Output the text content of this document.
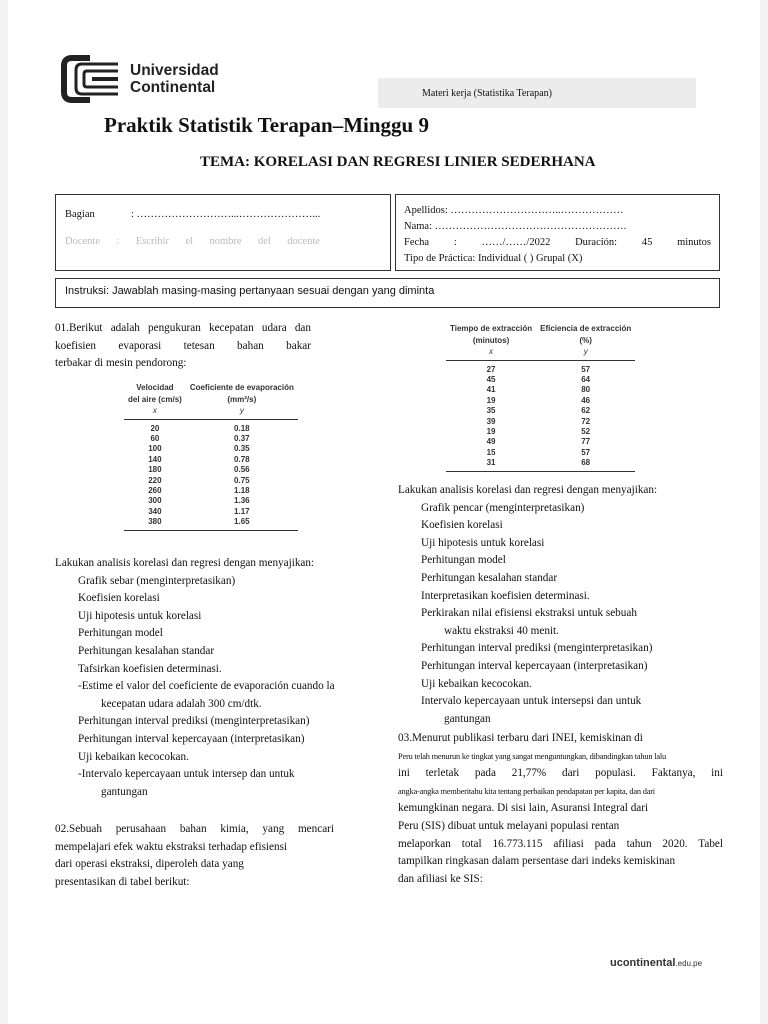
Universidad
Continental	Materi kerja (Statistika Terapan)
Praktik Statistik Terapan–Minggu 9
TEMA: KORELASI DAN REGRESI LINIER SEDERHANA
Bagian	: ………………………...…………………...
Docente : Escribir el nombre del docente
Apellidos: …………………………..………………
Nama: ……………………………………………….
Fecha : ……/……/2022 Duración: 45 minutos
Tipo de Práctica: Individual ( ) Grupal (X)
Instruksi: Jawablah masing-masing pertanyaan sesuai dengan yang diminta

01.Berikut adalah pengukuran kecepatan udara dan

koefisien evaporasi tetesan bahan bakar

terbakar di mesin pendorong:

Velocidad	Coeficiente de evaporación
del aire (cm/s)	(mm²/s)
x	y
20	0.18
60	0.37
100	0.35
140	0.78
180	0.56
220	0.75
260	1.18
300	1.36
340	1.17
380	1.65

Lakukan analisis korelasi dan regresi dengan menyajikan:

Grafik sebar (menginterpretasikan)

Koefisien korelasi

Uji hipotesis untuk korelasi

Perhitungan model

Perhitungan kesalahan standar

Tafsirkan koefisien determinasi.

-Estime el valor del coeficiente de evaporación cuando la

kecepatan udara adalah 300 cm/dtk.

Perhitungan interval prediksi (menginterpretasikan)

Perhitungan interval kepercayaan (interpretasikan)

Uji kebaikan kecocokan.

-Intervalo kepercayaan untuk intersep dan untuk

gantungan

02.Sebuah perusahaan bahan kimia, yang mencari

mempelajari efek waktu ekstraksi terhadap efisiensi

dari operasi ekstraksi, diperoleh data yang

presentasikan di tabel berikut:

Tiempo de extracción	Eficiencia de extracción
(minutos)	(%)
x	y
27	57
45	64
41	80
19	46
35	62
39	72
19	52
49	77
15	57
31	68

Lakukan analisis korelasi dan regresi dengan menyajikan:

Grafik pencar (menginterpretasikan)

Koefisien korelasi

Uji hipotesis untuk korelasi

Perhitungan model

Perhitungan kesalahan standar

Interpretasikan koefisien determinasi.

Perkirakan nilai efisiensi ekstraksi untuk sebuah

waktu ekstraksi 40 menit.

Perhitungan interval prediksi (menginterpretasikan)

Perhitungan interval kepercayaan (interpretasikan)

Uji kebaikan kecocokan.

Intervalo kepercayaan untuk intersepsi dan untuk

gantungan

03.Menurut publikasi terbaru dari INEI, kemiskinan di

Peru telah menurun ke tingkat yang sangat menguntungkan, dibandingkan tahun lalu

ini terletak pada 21,77% dari populasi. Faktanya, ini

angka-angka memberitahu kita tentang perbaikan pendapatan per kapita, dan dari

kemungkinan negara. Di sisi lain, Asuransi Integral dari

Peru (SIS) dibuat untuk melayani populasi rentan

melaporkan total 16.773.115 afiliasi pada tahun 2020. Tabel

tampilkan ringkasan dalam persentase dari indeks kemiskinan

dan afiliasi ke SIS:

ucontinental.edu.pe
